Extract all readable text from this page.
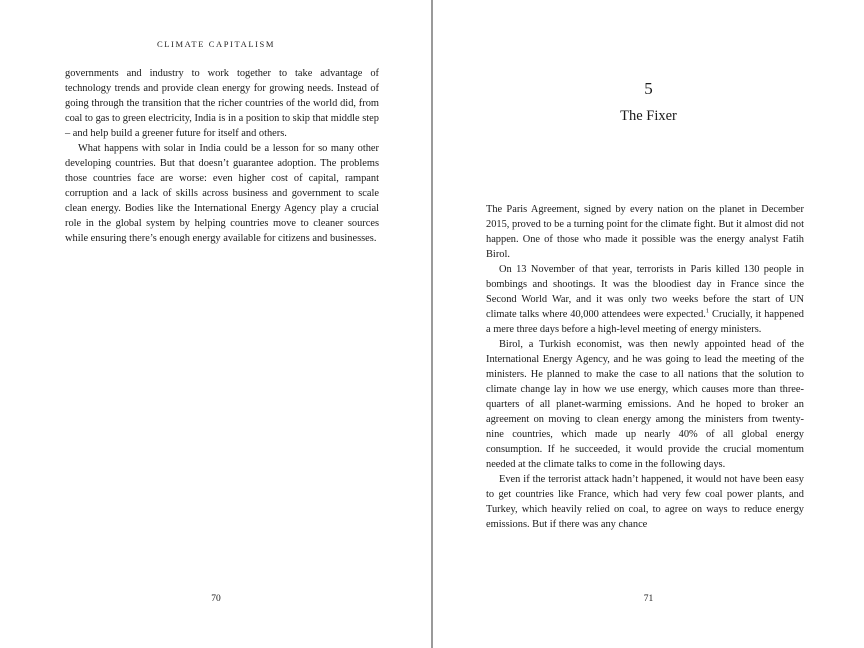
CLIMATE CAPITALISM

governments and industry to work together to take advantage of technology trends and provide clean energy for growing needs. Instead of going through the transition that the richer countries of the world did, from coal to gas to green electricity, India is in a position to skip that middle step – and help build a greener future for itself and others.

What happens with solar in India could be a lesson for so many other developing countries. But that doesn’t guarantee adoption. The problems those countries face are worse: even higher cost of capital, rampant corruption and a lack of skills across business and government to scale clean energy. Bodies like the International Energy Agency play a crucial role in the global system by helping countries move to cleaner sources while ensuring there’s enough energy available for citizens and businesses.

70
5
The Fixer

The Paris Agreement, signed by every nation on the planet in December 2015, proved to be a turning point for the climate fight. But it almost did not happen. One of those who made it possible was the energy analyst Fatih Birol.

On 13 November of that year, terrorists in Paris killed 130 people in bombings and shootings. It was the bloodiest day in France since the Second World War, and it was only two weeks before the start of UN climate talks where 40,000 attendees were expected.$^1$ Crucially, it happened a mere three days before a high-level meeting of energy ministers.

Birol, a Turkish economist, was then newly appointed head of the International Energy Agency, and he was going to lead the meeting of the ministers. He planned to make the case to all nations that the solution to climate change lay in how we use energy, which causes more than three-quarters of all planet-warming emissions. And he hoped to broker an agreement on moving to clean energy among the ministers from twenty-nine countries, which made up nearly 40% of all global energy consumption. If he succeeded, it would provide the crucial momentum needed at the climate talks to come in the following days.

Even if the terrorist attack hadn’t happened, it would not have been easy to get countries like France, which had very few coal power plants, and Turkey, which heavily relied on coal, to agree on ways to reduce energy emissions. But if there was any chance

71
